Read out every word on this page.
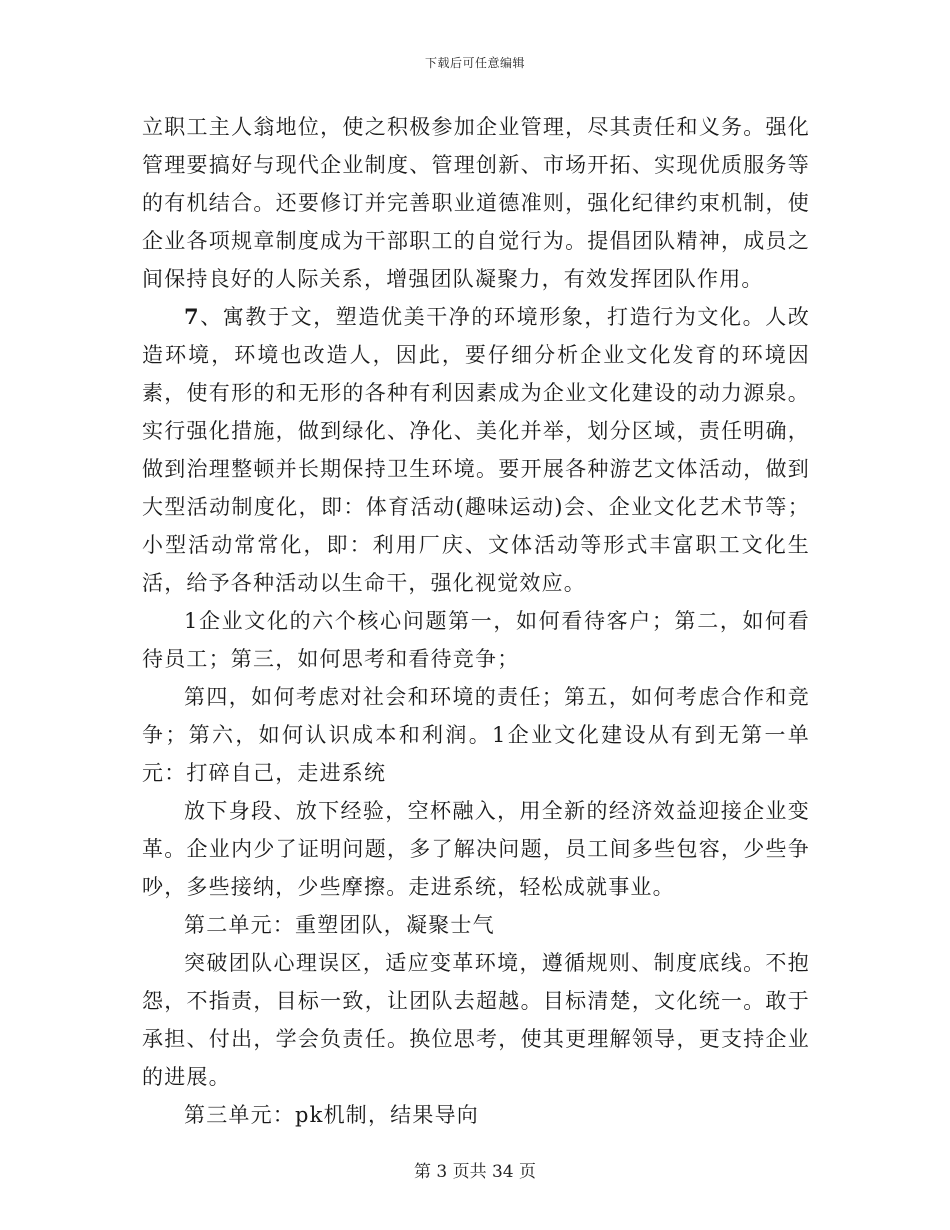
下载后可任意编辑

立职工主人翁地位，使之积极参加企业管理，尽其责任和义务。强化管理要搞好与现代企业制度、管理创新、市场开拓、实现优质服务等的有机结合。还要修订并完善职业道德准则，强化纪律约束机制，使企业各项规章制度成为干部职工的自觉行为。提倡团队精神，成员之间保持良好的人际关系，增强团队凝聚力，有效发挥团队作用。

7、寓教于文，塑造优美干净的环境形象，打造行为文化。人改造环境，环境也改造人，因此，要仔细分析企业文化发育的环境因素，使有形的和无形的各种有利因素成为企业文化建设的动力源泉。实行强化措施，做到绿化、净化、美化并举，划分区域，责任明确，做到治理整顿并长期保持卫生环境。要开展各种游艺文体活动，做到大型活动制度化，即：体育活动(趣味运动)会、企业文化艺术节等；小型活动常常化，即：利用厂庆、文体活动等形式丰富职工文化生活，给予各种活动以生命干，强化视觉效应。

1企业文化的六个核心问题第一，如何看待客户；第二，如何看待员工；第三，如何思考和看待竞争；

第四，如何考虑对社会和环境的责任；第五，如何考虑合作和竞争；第六，如何认识成本和利润。1企业文化建设从有到无第一单元：打碎自己，走进系统

放下身段、放下经验，空杯融入，用全新的经济效益迎接企业变革。企业内少了证明问题，多了解决问题，员工间多些包容，少些争吵，多些接纳，少些摩擦。走进系统，轻松成就事业。

第二单元：重塑团队，凝聚士气

突破团队心理误区，适应变革环境，遵循规则、制度底线。不抱怨，不指责，目标一致，让团队去超越。目标清楚，文化统一。敢于承担、付出，学会负责任。换位思考，使其更理解领导，更支持企业的进展。

第三单元：pk机制，结果导向

第 3 页共 34 页
